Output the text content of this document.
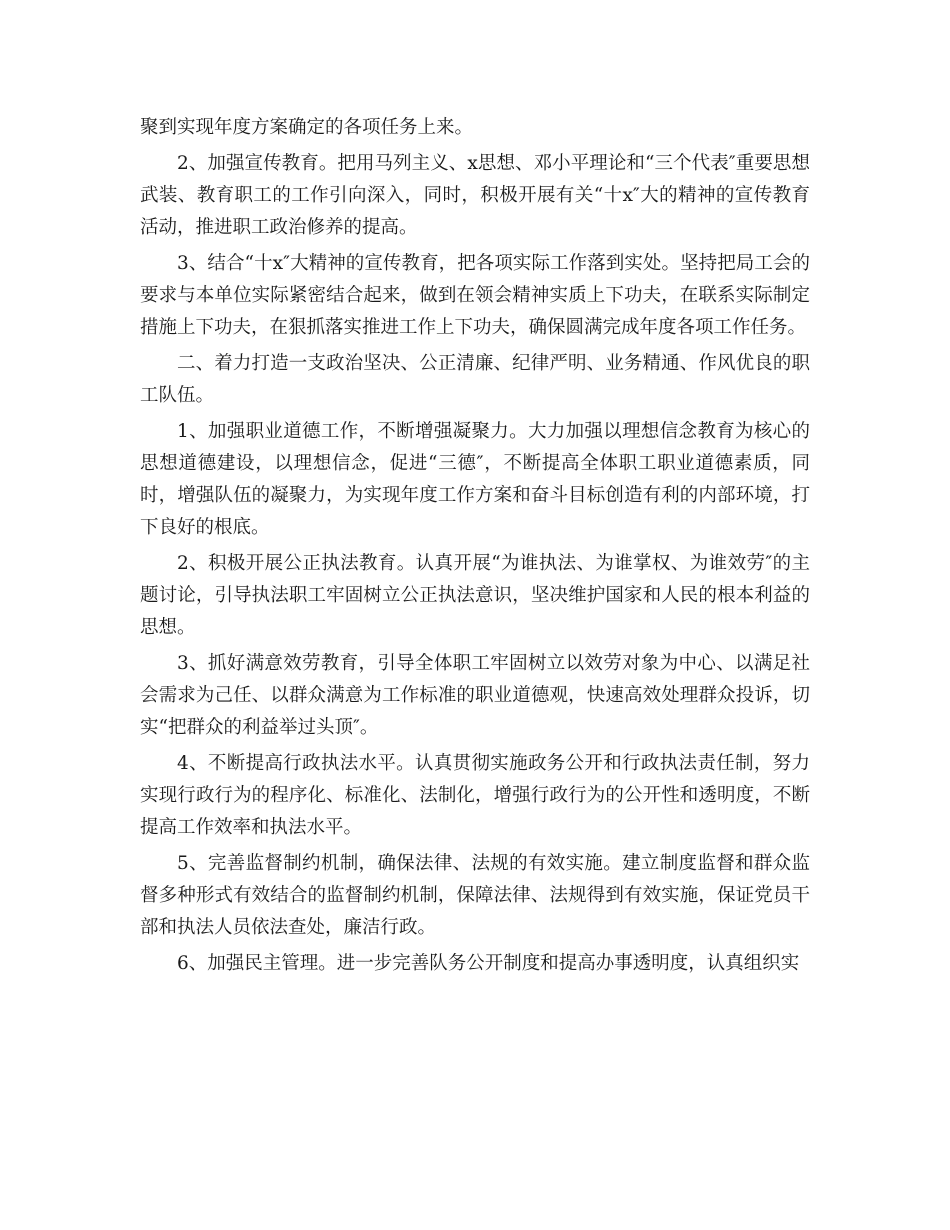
聚到实现年度方案确定的各项任务上来。

2、加强宣传教育。把用马列主义、x思想、邓小平理论和“三个代表″重要思想武装、教育职工的工作引向深入，同时，积极开展有关“十x″大的精神的宣传教育活动，推进职工政治修养的提高。

3、结合“十x″大精神的宣传教育，把各项实际工作落到实处。坚持把局工会的要求与本单位实际紧密结合起来，做到在领会精神实质上下功夫，在联系实际制定措施上下功夫，在狠抓落实推进工作上下功夫，确保圆满完成年度各项工作任务。

二、着力打造一支政治坚决、公正清廉、纪律严明、业务精通、作风优良的职工队伍。

1、加强职业道德工作，不断增强凝聚力。大力加强以理想信念教育为核心的思想道德建设，以理想信念，促进“三德″，不断提高全体职工职业道德素质，同时，增强队伍的凝聚力，为实现年度工作方案和奋斗目标创造有利的内部环境，打下良好的根底。

2、积极开展公正执法教育。认真开展“为谁执法、为谁掌权、为谁效劳″的主题讨论，引导执法职工牢固树立公正执法意识，坚决维护国家和人民的根本利益的思想。

3、抓好满意效劳教育，引导全体职工牢固树立以效劳对象为中心、以满足社会需求为己任、以群众满意为工作标准的职业道德观，快速高效处理群众投诉，切实“把群众的利益举过头顶″。

4、不断提高行政执法水平。认真贯彻实施政务公开和行政执法责任制，努力实现行政行为的程序化、标准化、法制化，增强行政行为的公开性和透明度，不断提高工作效率和执法水平。

5、完善监督制约机制，确保法律、法规的有效实施。建立制度监督和群众监督多种形式有效结合的监督制约机制，保障法律、法规得到有效实施，保证党员干部和执法人员依法查处，廉洁行政。

6、加强民主管理。进一步完善队务公开制度和提高办事透明度，认真组织实
